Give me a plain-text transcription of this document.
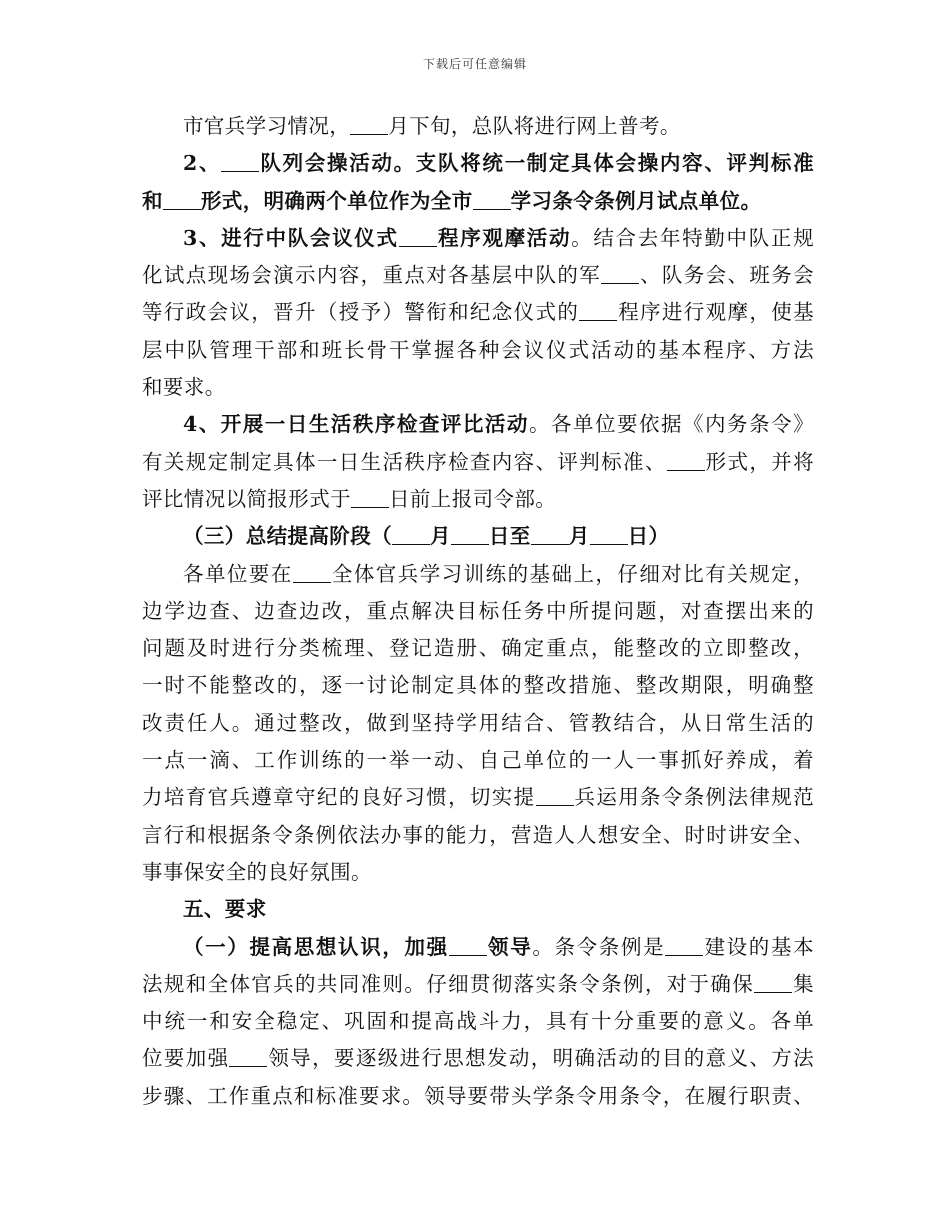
下载后可任意编辑
市官兵学习情况， 月下旬，总队将进行网上普考。
2、 队列会操活动。支队将统一制定具体会操内容、评判标准
和 形式，明确两个单位作为全市 学习条令条例月试点单位。
3、进行中队会议仪式 程序观摩活动。结合去年特勤中队正规
化试点现场会演示内容，重点对各基层中队的军 、队务会、班务会
等行政会议，晋升（授予）警衔和纪念仪式的 程序进行观摩，使基
层中队管理干部和班长骨干掌握各种会议仪式活动的基本程序、方法
和要求。
4、开展一日生活秩序检查评比活动。各单位要依据《内务条令》
有关规定制定具体一日生活秩序检查内容、评判标准、 形式，并将
评比情况以简报形式于 日前上报司令部。
（三）总结提高阶段（ 月 日至 月 日）
各单位要在 全体官兵学习训练的基础上，仔细对比有关规定，
边学边查、边查边改，重点解决目标任务中所提问题，对查摆出来的
问题及时进行分类梳理、登记造册、确定重点，能整改的立即整改，
一时不能整改的，逐一讨论制定具体的整改措施、整改期限，明确整
改责任人。通过整改，做到坚持学用结合、管教结合，从日常生活的
一点一滴、工作训练的一举一动、自己单位的一人一事抓好养成，着
力培育官兵遵章守纪的良好习惯，切实提 兵运用条令条例法律规范
言行和根据条令条例依法办事的能力，营造人人想安全、时时讲安全、
事事保安全的良好氛围。
五、要求
（一）提高思想认识，加强 领导。条令条例是 建设的基本
法规和全体官兵的共同准则。仔细贯彻落实条令条例，对于确保 集
中统一和安全稳定、巩固和提高战斗力，具有十分重要的意义。各单
位要加强 领导，要逐级进行思想发动，明确活动的目的意义、方法
步骤、工作重点和标准要求。领导要带头学条令用条令，在履行职责、
